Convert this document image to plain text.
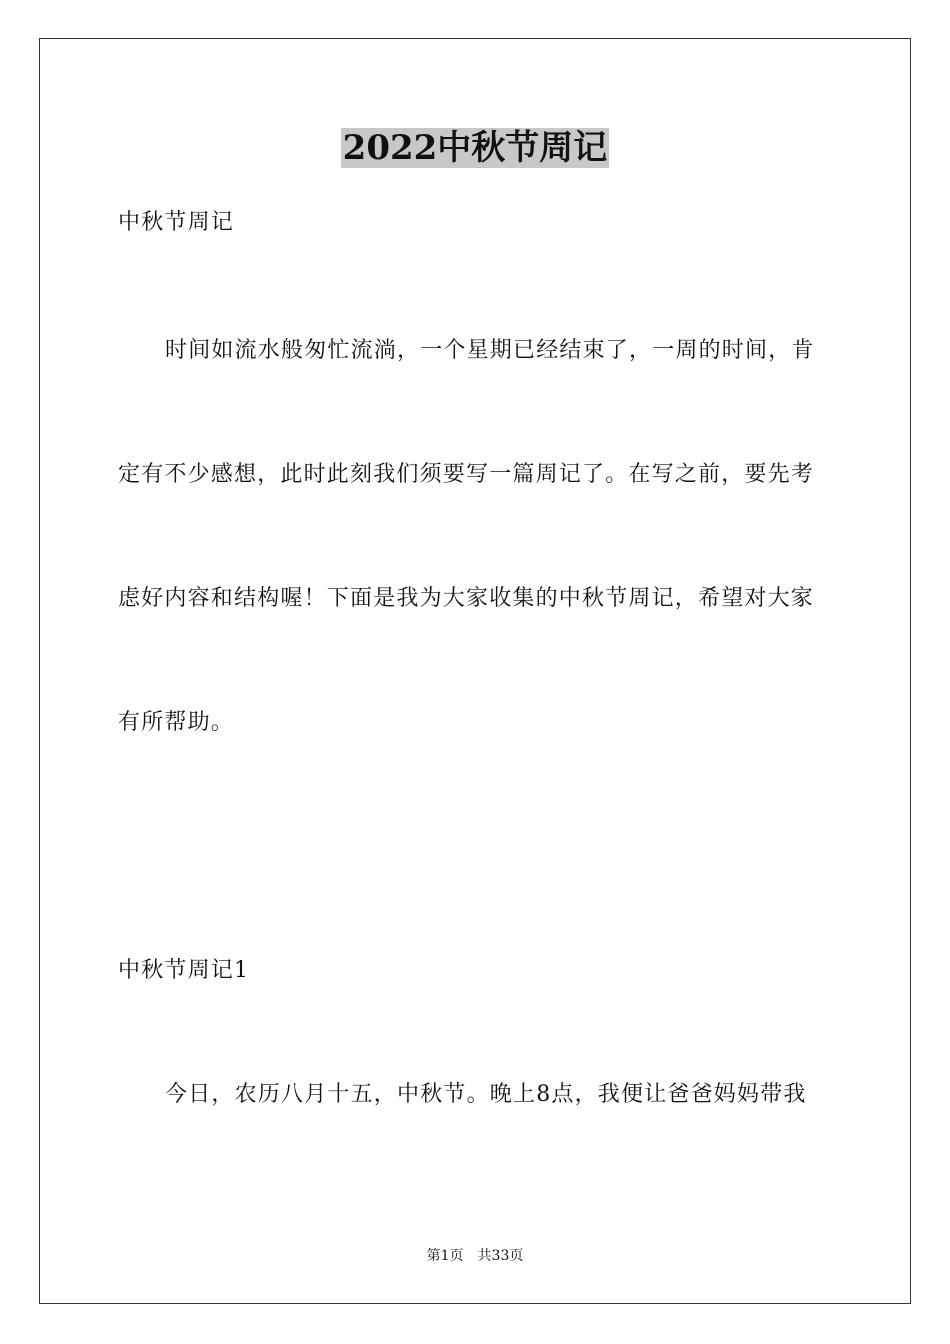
2022中秋节周记
中秋节周记
时间如流水般匆忙流淌，一个星期已经结束了，一周的时间，肯
定有不少感想，此时此刻我们须要写一篇周记了。在写之前，要先考
虑好内容和结构喔！下面是我为大家收集的中秋节周记，希望对大家
有所帮助。
中秋节周记1
今日，农历八月十五，中秋节。晚上8点，我便让爸爸妈妈带我
第1页 共33页
